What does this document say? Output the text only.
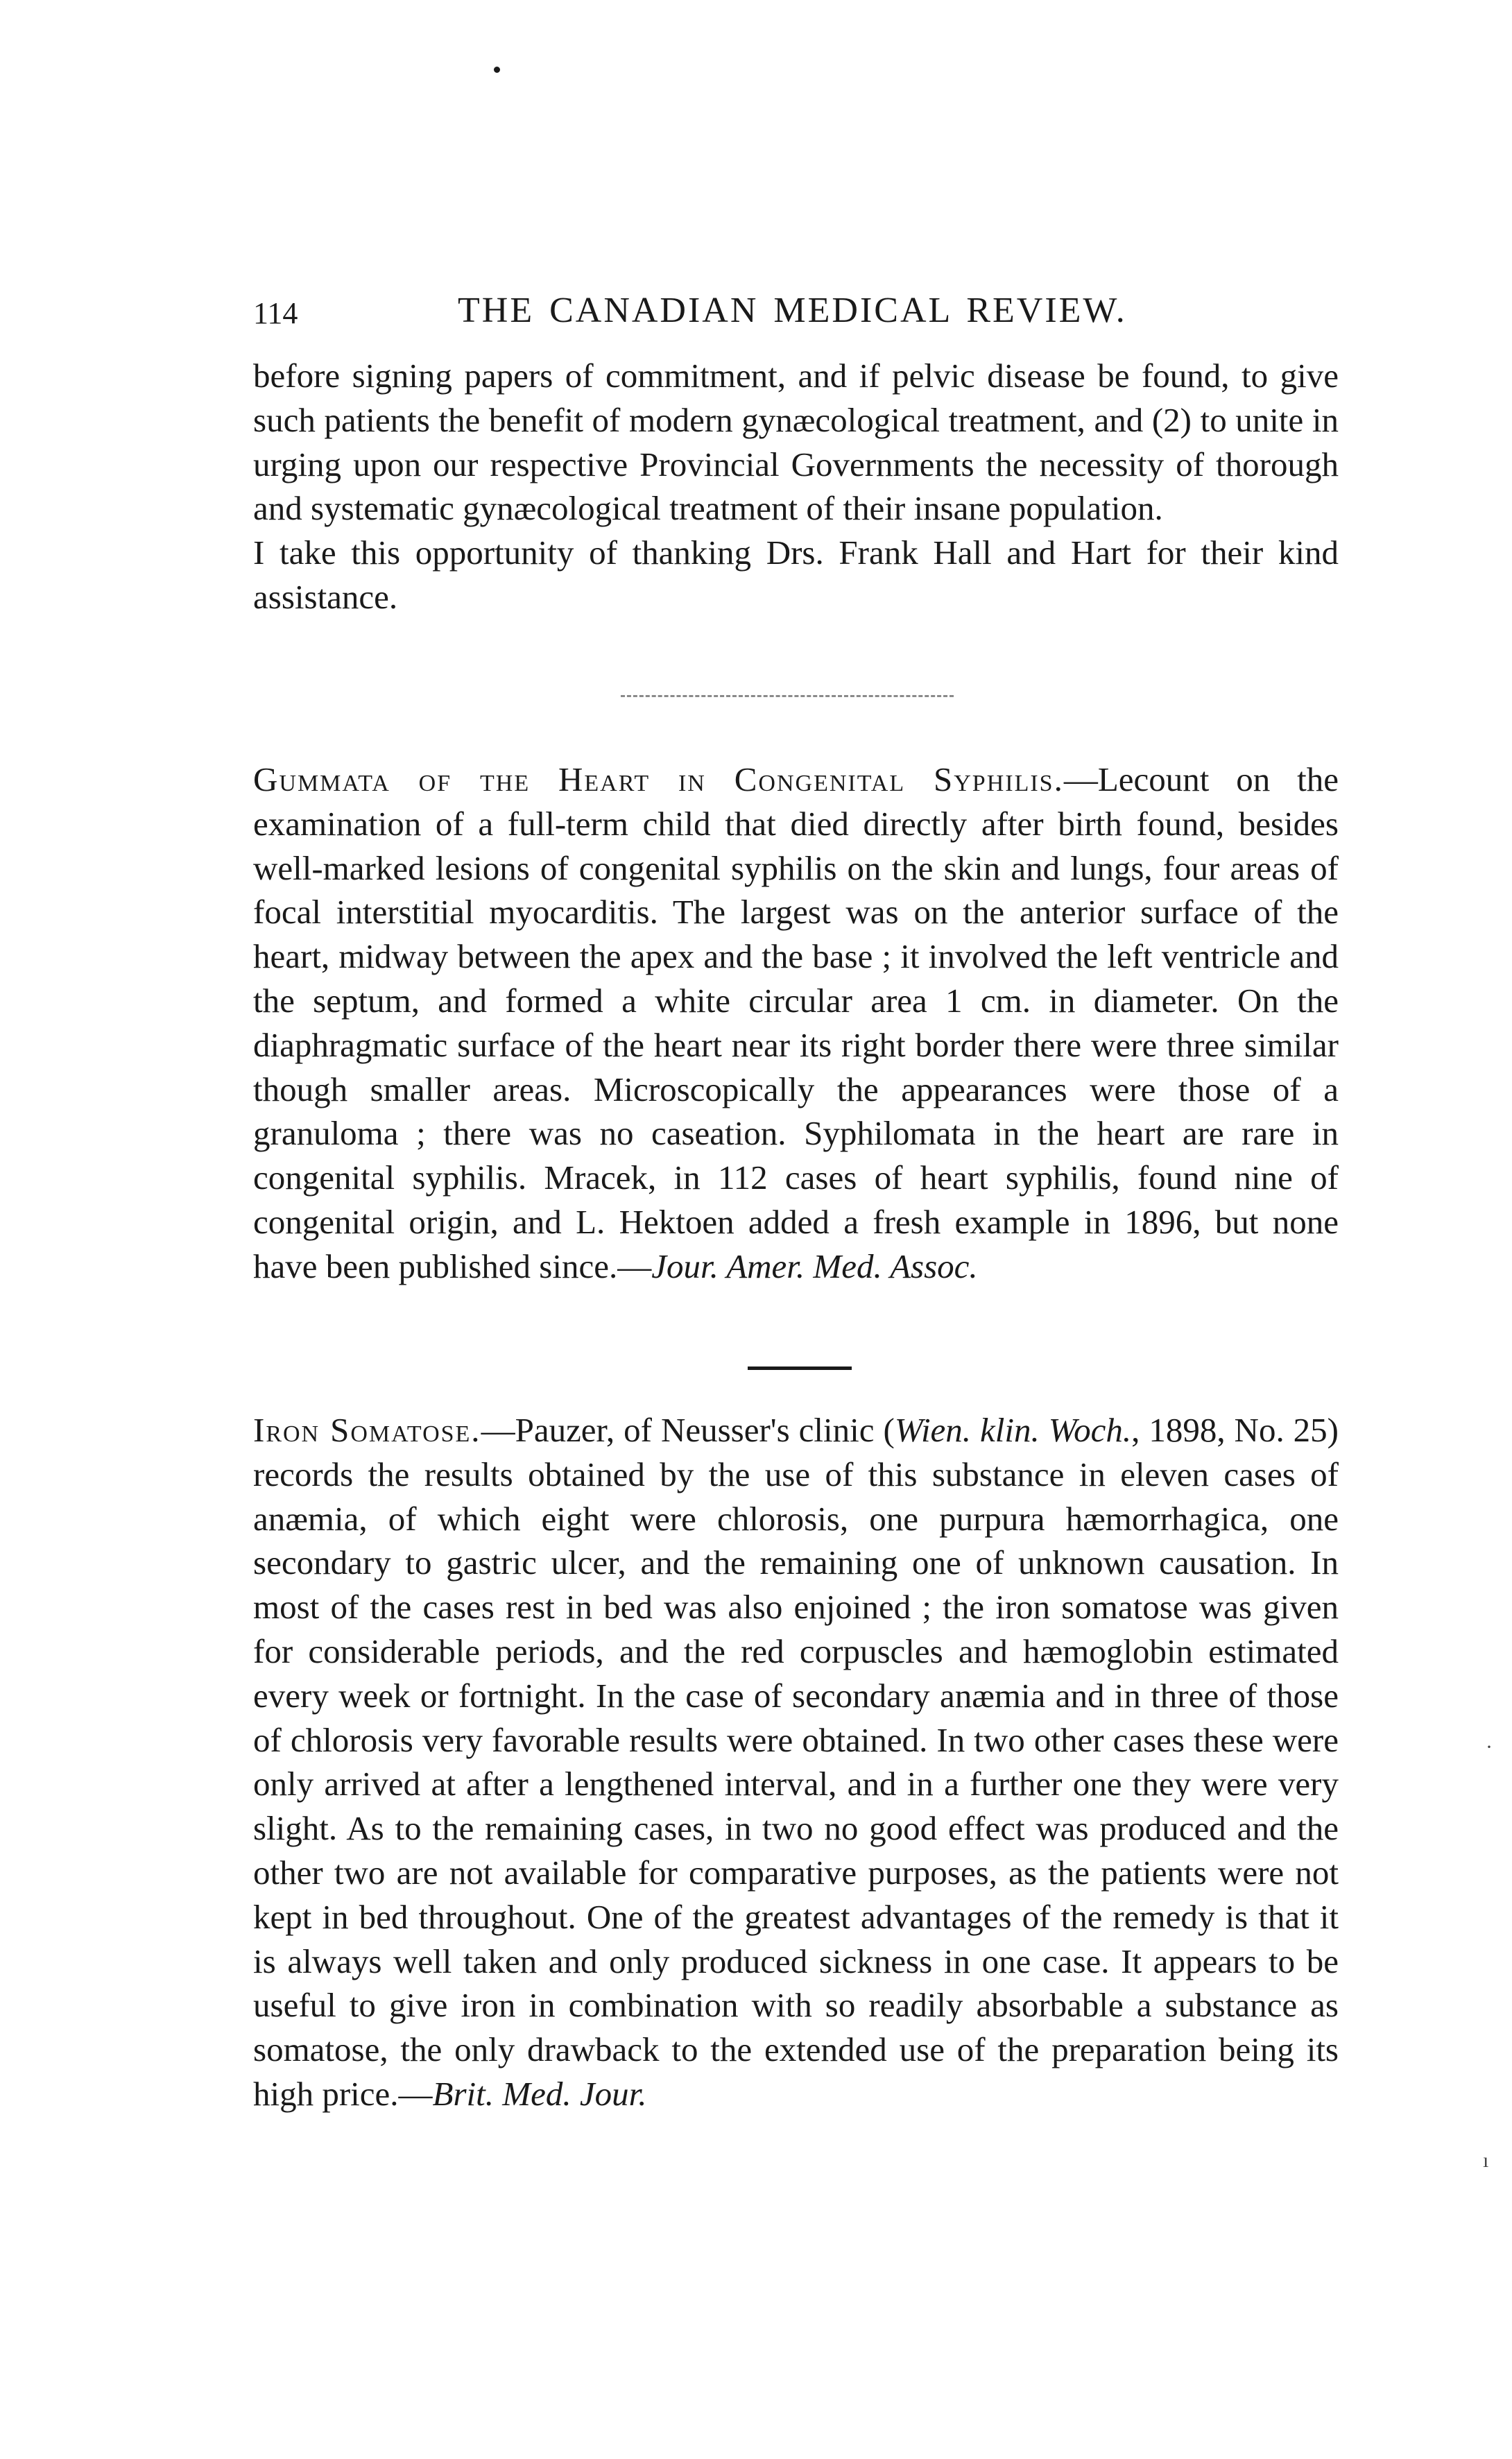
114	THE CANADIAN MEDICAL REVIEW.

before signing papers of commitment, and if pelvic disease be found, to give such patients the benefit of modern gynæcological treatment, and (2) to unite in urging upon our respective Provincial Governments the necessity of thorough and systematic gynæcological treatment of their insane population.

I take this opportunity of thanking Drs. Frank Hall and Hart for their kind assistance.

Gummata of the Heart in Congenital Syphilis.—Lecount on the examination of a full-term child that died directly after birth found, besides well-marked lesions of congenital syphilis on the skin and lungs, four areas of focal interstitial myocarditis. The largest was on the anterior surface of the heart, midway between the apex and the base ; it involved the left ventricle and the septum, and formed a white circular area 1 cm. in diameter. On the diaphragmatic surface of the heart near its right border there were three similar though smaller areas. Microscopically the appearances were those of a granuloma ; there was no caseation. Syphilomata in the heart are rare in congenital syphilis. Mracek, in 112 cases of heart syphilis, found nine of congenital origin, and L. Hektoen added a fresh example in 1896, but none have been published since.—Jour. Amer. Med. Assoc.

Iron Somatose.—Pauzer, of Neusser's clinic (Wien. klin. Woch., 1898, No. 25) records the results obtained by the use of this substance in eleven cases of anæmia, of which eight were chlorosis, one purpura hæmorrhagica, one secondary to gastric ulcer, and the remaining one of unknown causation. In most of the cases rest in bed was also enjoined ; the iron somatose was given for considerable periods, and the red corpuscles and hæmoglobin estimated every week or fortnight. In the case of secondary anæmia and in three of those of chlorosis very favorable results were obtained. In two other cases these were only arrived at after a lengthened interval, and in a further one they were very slight. As to the remaining cases, in two no good effect was produced and the other two are not available for comparative purposes, as the patients were not kept in bed throughout. One of the greatest advantages of the remedy is that it is always well taken and only produced sickness in one case. It appears to be useful to give iron in combination with so readily absorbable a substance as somatose, the only drawback to the extended use of the preparation being its high price.—Brit. Med. Jour.

·
ı
